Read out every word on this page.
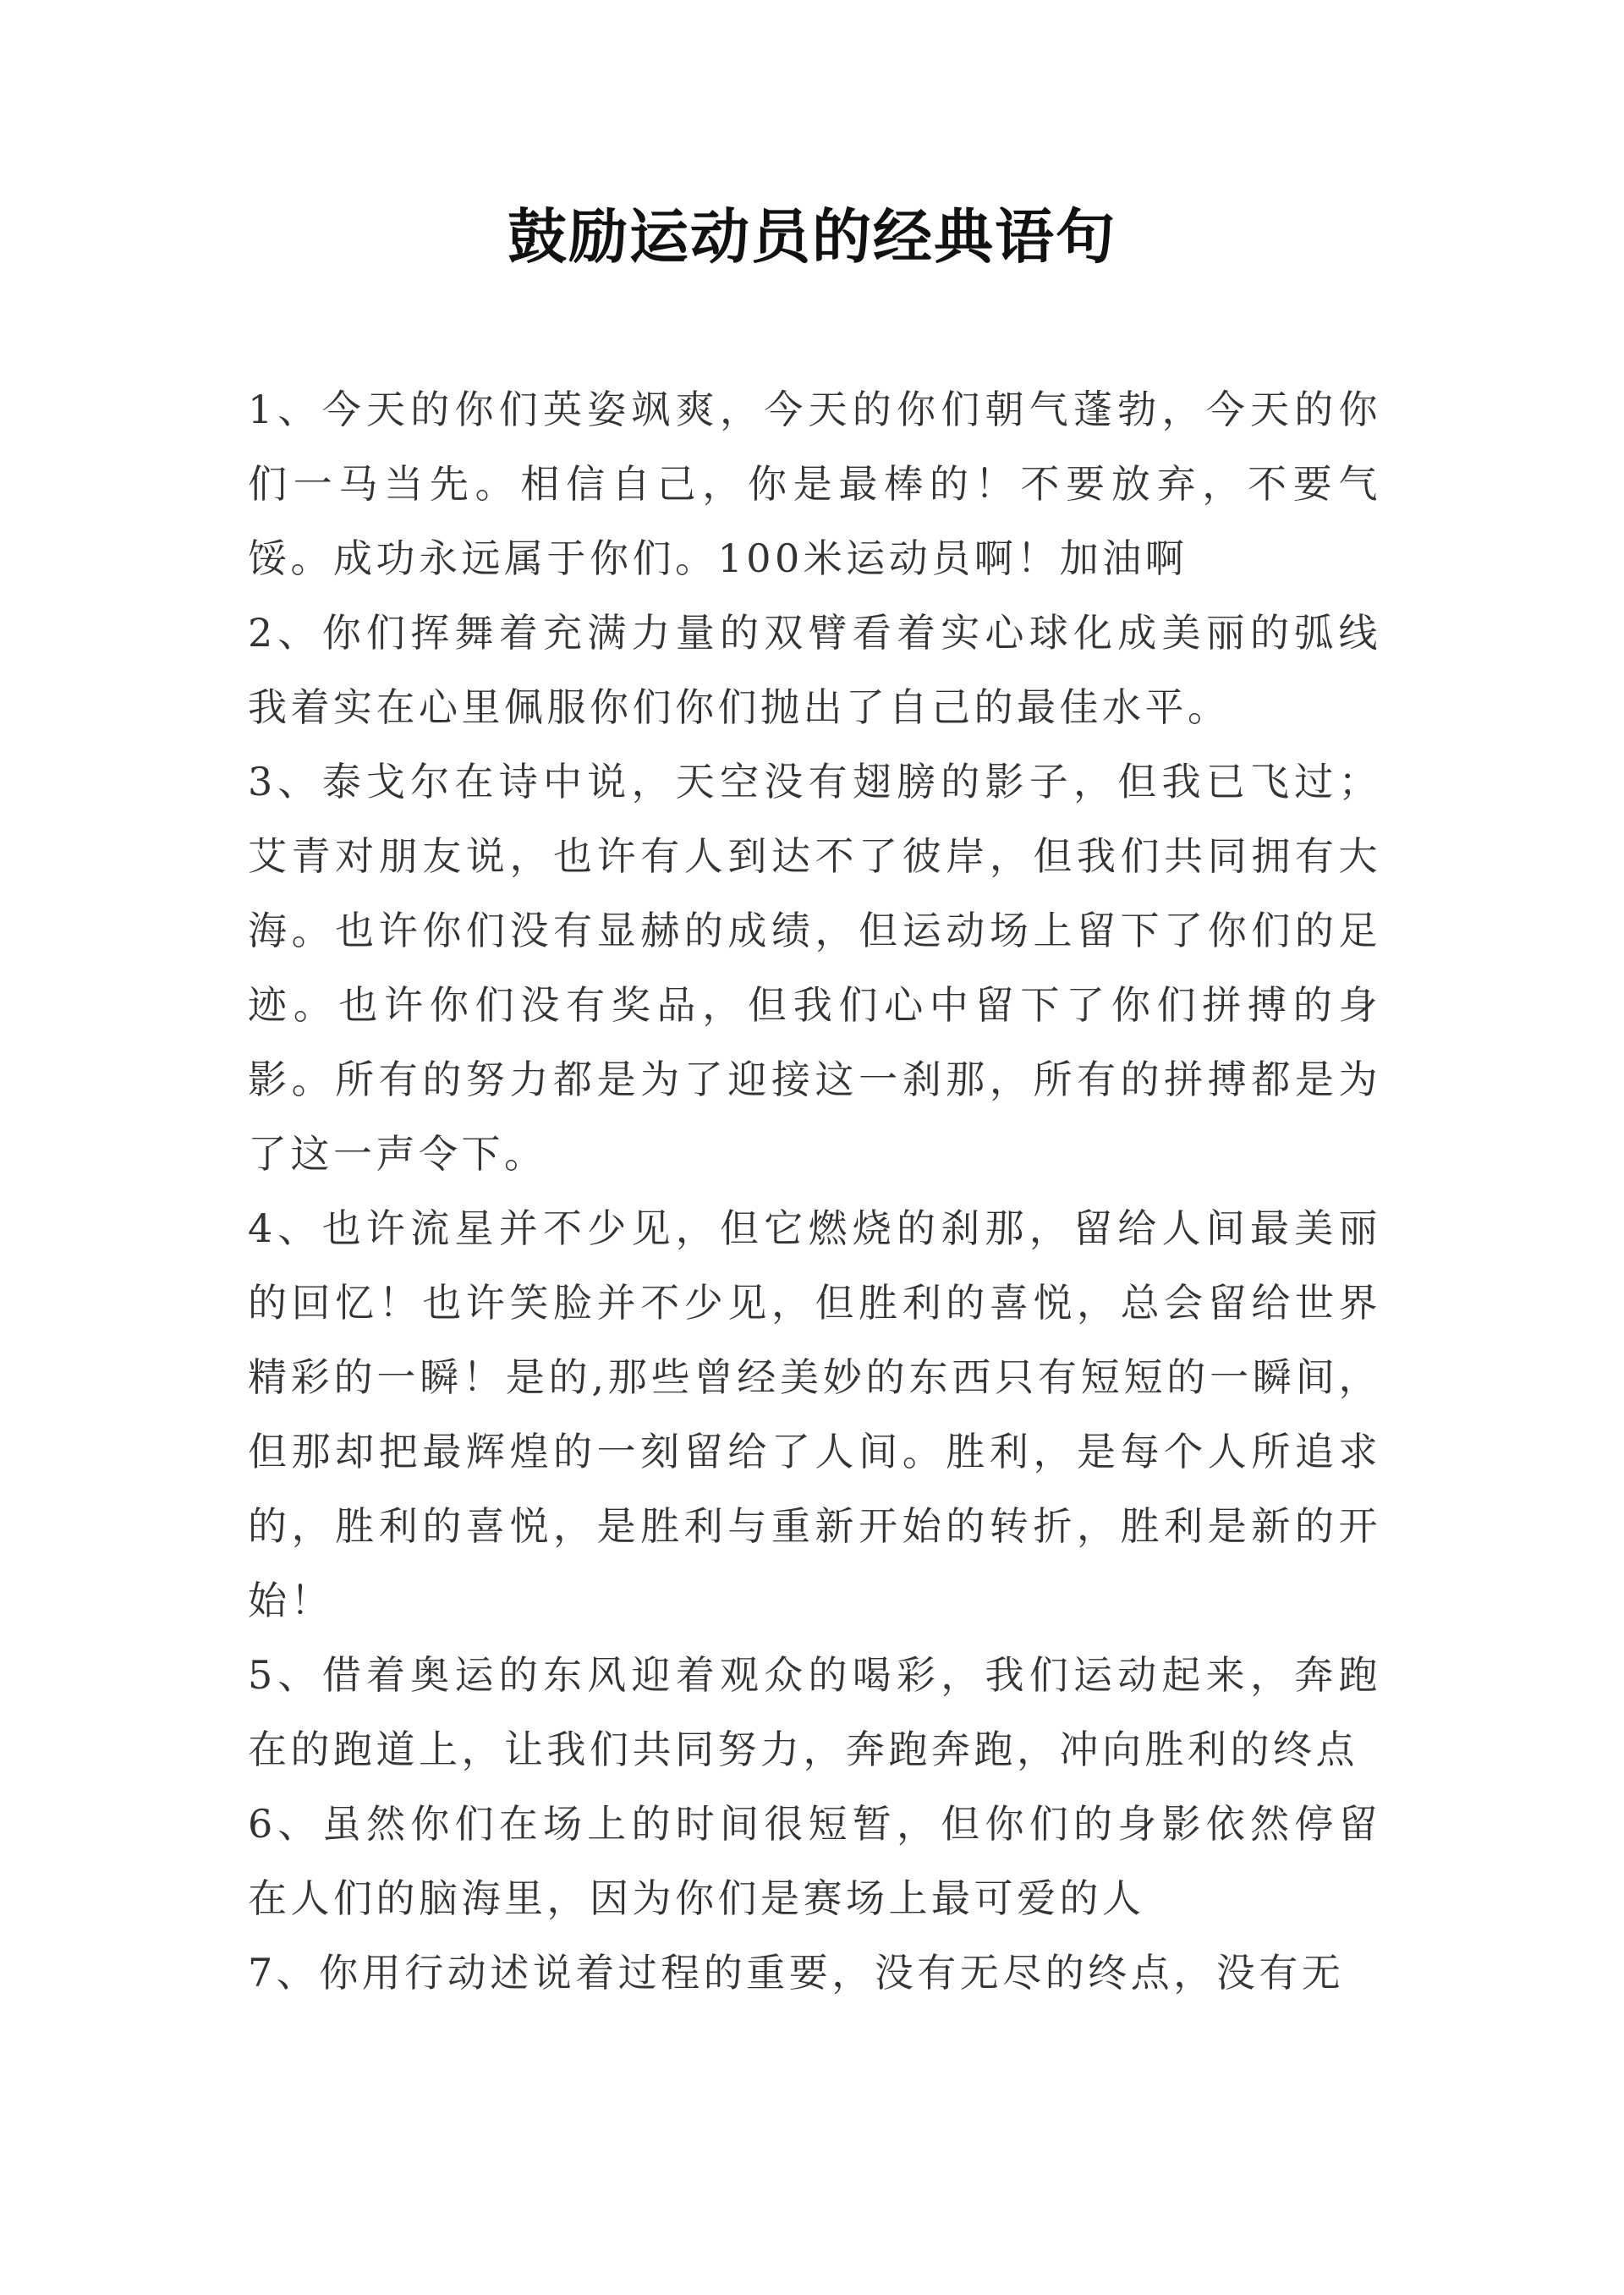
鼓励运动员的经典语句

1、今天的你们英姿飒爽，今天的你们朝气蓬勃，今天的你们一马当先。相信自己，你是最棒的！不要放弃，不要气馁。成功永远属于你们。100米运动员啊！加油啊

2、你们挥舞着充满力量的双臂看着实心球化成美丽的弧线我着实在心里佩服你们你们抛出了自己的最佳水平。

3、泰戈尔在诗中说，天空没有翅膀的影子，但我已飞过；艾青对朋友说，也许有人到达不了彼岸，但我们共同拥有大海。也许你们没有显赫的成绩，但运动场上留下了你们的足迹。也许你们没有奖品，但我们心中留下了你们拼搏的身影。所有的努力都是为了迎接这一刹那，所有的拼搏都是为了这一声令下。

4、也许流星并不少见，但它燃烧的刹那，留给人间最美丽的回忆！也许笑脸并不少见，但胜利的喜悦，总会留给世界精彩的一瞬！是的,那些曾经美妙的东西只有短短的一瞬间，但那却把最辉煌的一刻留给了人间。胜利，是每个人所追求的，胜利的喜悦，是胜利与重新开始的转折，胜利是新的开始！

5、借着奥运的东风迎着观众的喝彩，我们运动起来，奔跑在的跑道上，让我们共同努力，奔跑奔跑，冲向胜利的终点

6、虽然你们在场上的时间很短暂，但你们的身影依然停留在人们的脑海里，因为你们是赛场上最可爱的人

7、你用行动述说着过程的重要，没有无尽的终点，没有无
